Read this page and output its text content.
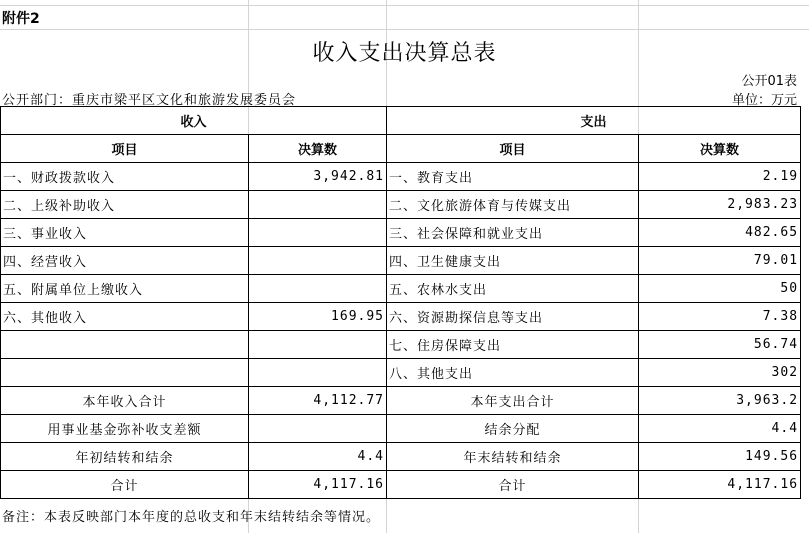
附件2
收入支出决算总表
公开01表
公开部门：重庆市梁平区文化和旅游发展委员会	单位：万元
收入		支出	
项目	决算数	项目	决算数
一、财政拨款收入	3,942.81	一、教育支出	2.19
二、上级补助收入		二、文化旅游体育与传媒支出	2,983.23
三、事业收入		三、社会保障和就业支出	482.65
四、经营收入		四、卫生健康支出	79.01
五、附属单位上缴收入		五、农林水支出	50
六、其他收入	169.95	六、资源勘探信息等支出	7.38
		七、住房保障支出	56.74
		八、其他支出	302
本年收入合计	4,112.77	本年支出合计	3,963.2
用事业基金弥补收支差额		结余分配	4.4
年初结转和结余	4.4	年末结转和结余	149.56
合计	4,117.16	合计	4,117.16
备注：本表反映部门本年度的总收支和年末结转结余等情况。
